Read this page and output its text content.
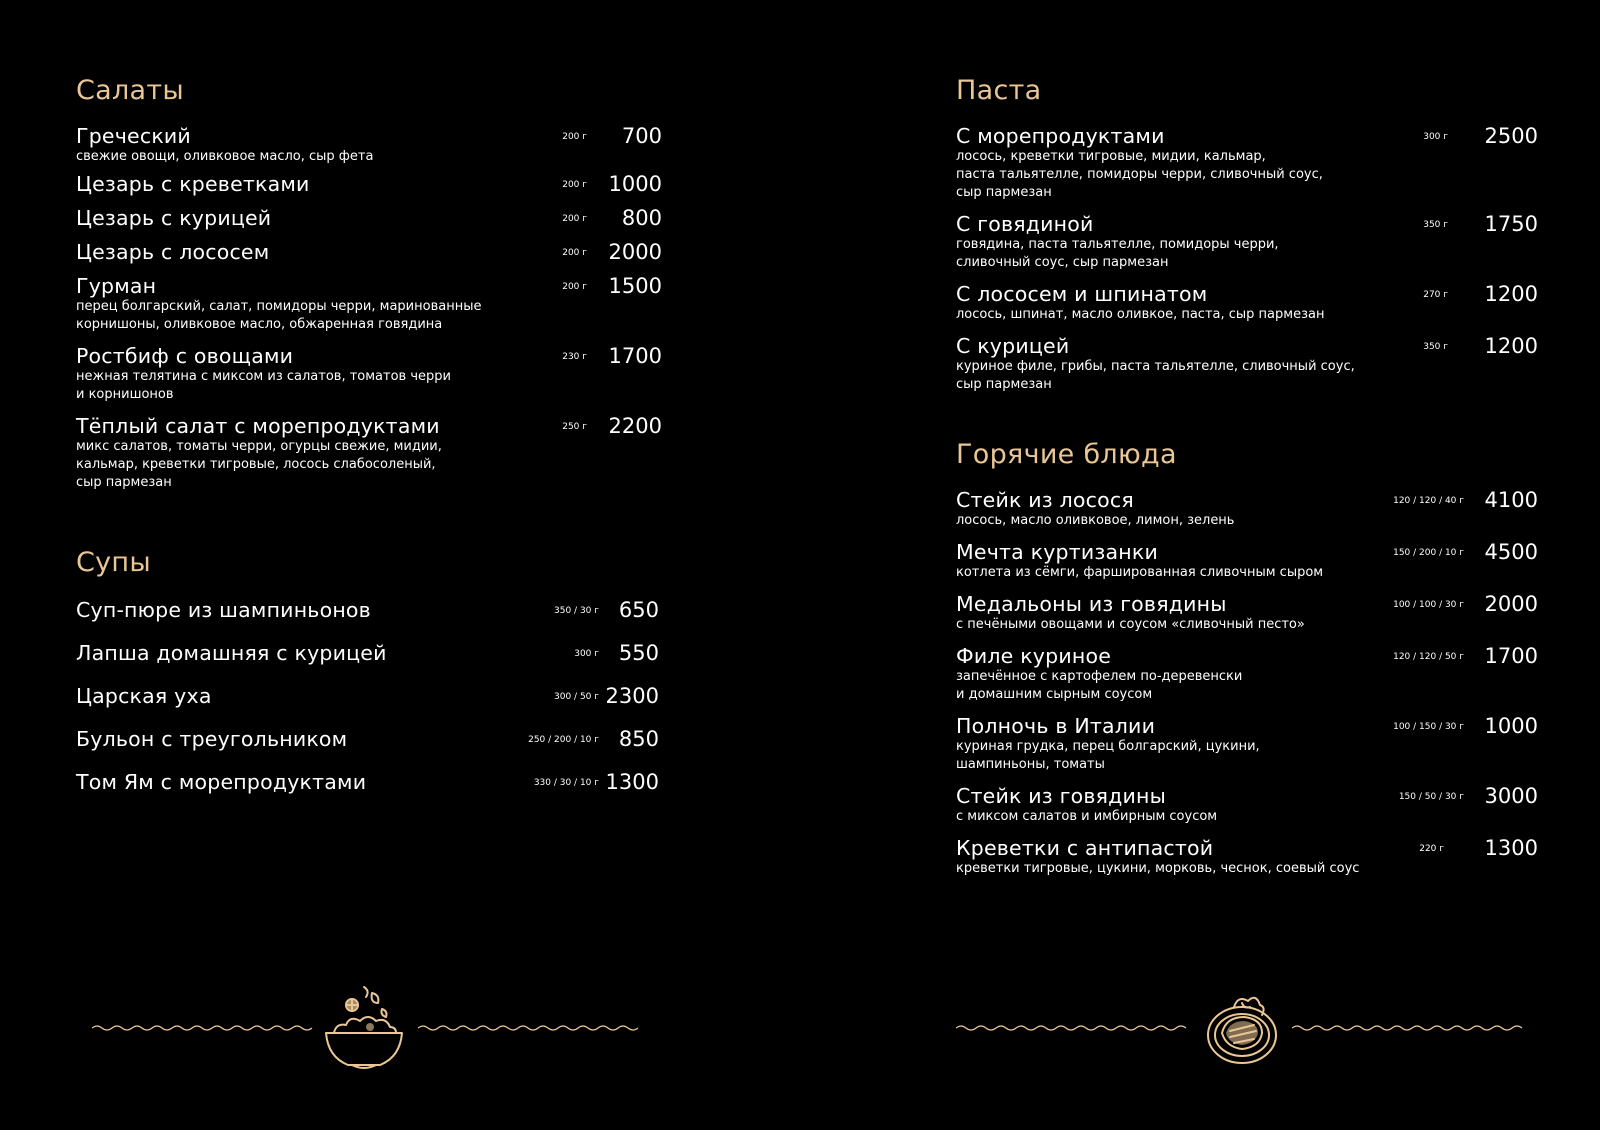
Салаты
Греческий
свежие овощи, оливковое масло, сыр фета
200 г	700
Цезарь с креветками	200 г	1000
Цезарь с курицей	200 г	800
Цезарь с лососем	200 г	2000
Гурман
перец болгарский, салат, помидоры черри, маринованные
корнишоны, оливковое масло, обжаренная говядина
200 г	1500
Ростбиф с овощами
нежная телятина с миксом из салатов, томатов черри
и корнишонов
230 г	1700
Тёплый салат с морепродуктами
микс салатов, томаты черри, огурцы свежие, мидии,
кальмар, креветки тигровые, лосось слабосоленый,
сыр пармезан
250 г	2200
Супы
Суп-пюре из шампиньонов	350 / 30 г 650
Лапша домашняя с курицей	300 г 550
Царская уха	300 / 50 г 2300
Бульон с треугольником	250 / 200 / 10 г 850
Том Ям с морепродуктами	330 / 30 / 10 г 1300
Паста
С морепродуктами
лосось, креветки тигровые, мидии, кальмар,
паста тальятелле, помидоры черри, сливочный соус,
сыр пармезан
300 г 2500
С говядиной
говядина, паста тальятелле, помидоры черри,
сливочный соус, сыр пармезан
350 г 1750
С лососем и шпинатом
лосось, шпинат, масло оливкое, паста, сыр пармезан
270 г 1200
С курицей
куриное филе, грибы, паста тальятелле, сливочный соус,
сыр пармезан
350 г 1200
Горячие блюда
Стейк из лосося
лосось, масло оливковое, лимон, зелень
120 / 120 / 40 г 4100
Мечта куртизанки
котлета из сёмги, фаршированная сливочным сыром
150 / 200 / 10 г 4500
Медальоны из говядины
с печёными овощами и соусом «сливочный песто»
100 / 100 / 30 г 2000
Филе куриное
запечённое с картофелем по-деревенски
и домашним сырным соусом
120 / 120 / 50 г 1700
Полночь в Италии
куриная грудка, перец болгарский, цукини,
шампиньоны, томаты
100 / 150 / 30 г 1000
Стейк из говядины
с миксом салатов и имбирным соусом
150 / 50 / 30 г 3000
Креветки с антипастой
креветки тигровые, цукини, морковь, чеснок, соевый соус
220 г 1300
